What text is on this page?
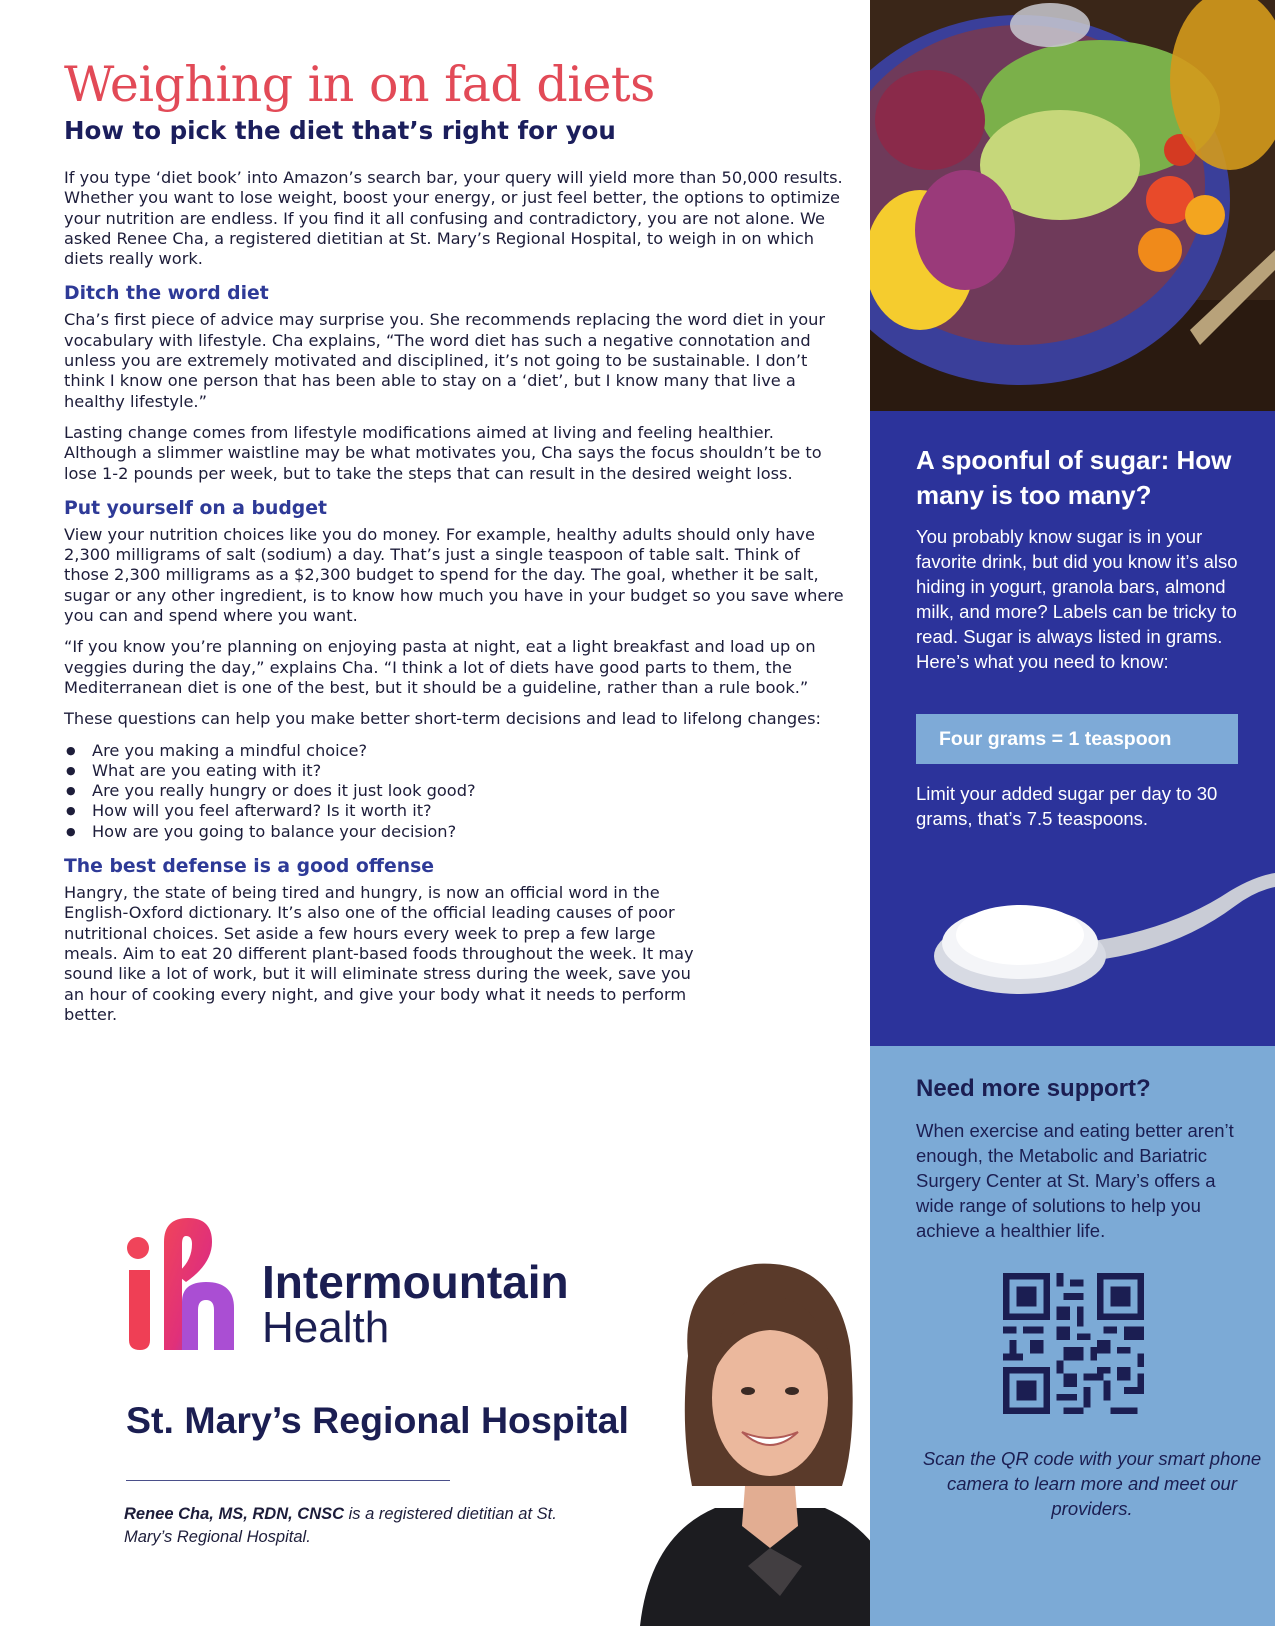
Weighing in on fad diets
How to pick the diet that’s right for you

If you type ‘diet book’ into Amazon’s search bar, your query will yield more than 50,000 results. Whether you want to lose weight, boost your energy, or just feel better, the options to optimize your nutrition are endless. If you find it all confusing and contradictory, you are not alone. We asked Renee Cha, a registered dietitian at St. Mary’s Regional Hospital, to weigh in on which diets really work.

Ditch the word diet

Cha’s first piece of advice may surprise you. She recommends replacing the word diet in your vocabulary with lifestyle. Cha explains, “The word diet has such a negative connotation and unless you are extremely motivated and disciplined, it’s not going to be sustainable. I don’t think I know one person that has been able to stay on a ‘diet’, but I know many that live a healthy lifestyle.”

Lasting change comes from lifestyle modifications aimed at living and feeling healthier. Although a slimmer waistline may be what motivates you, Cha says the focus shouldn’t be to lose 1-2 pounds per week, but to take the steps that can result in the desired weight loss.

Put yourself on a budget

View your nutrition choices like you do money. For example, healthy adults should only have 2,300 milligrams of salt (sodium) a day. That’s just a single teaspoon of table salt. Think of those 2,300 milligrams as a $2,300 budget to spend for the day. The goal, whether it be salt, sugar or any other ingredient, is to know how much you have in your budget so you save where you can and spend where you want.

“If you know you’re planning on enjoying pasta at night, eat a light breakfast and load up on veggies during the day,” explains Cha. “I think a lot of diets have good parts to them, the Mediterranean diet is one of the best, but it should be a guideline, rather than a rule book.”

These questions can help you make better short-term decisions and lead to lifelong changes:

● Are you making a mindful choice?
● What are you eating with it?
● Are you really hungry or does it just look good?
● How will you feel afterward? Is it worth it?
● How are you going to balance your decision?
The best defense is a good offense

Hangry, the state of being tired and hungry, is now an official word in the English-Oxford dictionary. It’s also one of the official leading causes of poor nutritional choices. Set aside a few hours every week to prep a few large meals. Aim to eat 20 different plant-based foods throughout the week. It may sound like a lot of work, but it will eliminate stress during the week, save you an hour of cooking every night, and give your body what it needs to perform better.

Intermountain

Health

St. Mary’s Regional Hospital

Renee Cha, MS, RDN, CNSC is a registered dietitian at St. Mary’s Regional Hospital.

A spoonful of sugar: How many is too many?

You probably know sugar is in your favorite drink, but did you know it’s also hiding in yogurt, granola bars, almond milk, and more? Labels can be tricky to read. Sugar is always listed in grams. Here’s what you need to know:

Four grams = 1 teaspoon

Limit your added sugar per day to 30 grams, that’s 7.5 teaspoons.

Need more support?

When exercise and eating better aren’t enough, the Metabolic and Bariatric Surgery Center at St. Mary’s offers a wide range of solutions to help you achieve a healthier life.

Scan the QR code with your smart phone camera to learn more and meet our providers.
